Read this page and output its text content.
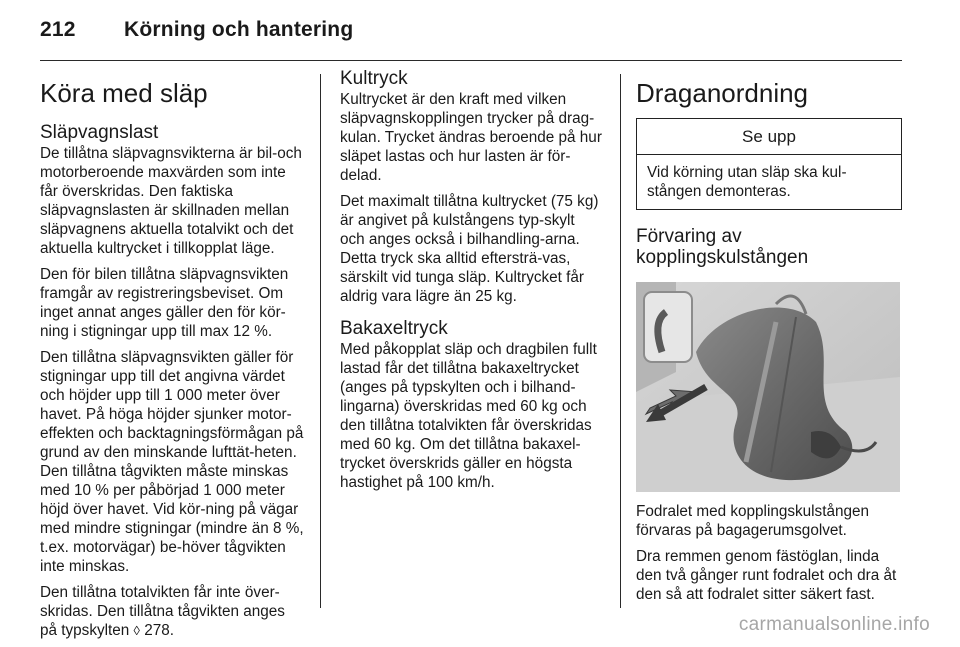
212 Körning och hantering
Köra med släp
Släpvagnslast

De tillåtna släpvagnsvikterna är bil-och motorberoende maxvärden som inte får överskridas. Den faktiska släpvagnslasten är skillnaden mellan släpvagnens aktuella totalvikt och det aktuella kultrycket i tillkopplat läge.

Den för bilen tillåtna släpvagnsvikten framgår av registreringsbeviset. Om inget annat anges gäller den för kör-ning i stigningar upp till max 12 %.

Den tillåtna släpvagnsvikten gäller för stigningar upp till det angivna värdet och höjder upp till 1 000 meter över havet. På höga höjder sjunker motor-effekten och backtagningsförmågan på grund av den minskande lufttät-heten. Den tillåtna tågvikten måste minskas med 10 % per påbörjad 1 000 meter höjd över havet. Vid kör-ning på vägar med mindre stigningar (mindre än 8 %, t.ex. motorvägar) be-höver tågvikten inte minskas.

Den tillåtna totalvikten får inte över-skridas. Den tillåtna tågvikten anges på typskylten ◊ 278.

Kultryck

Kultrycket är den kraft med vilken släpvagnskopplingen trycker på drag-kulan. Trycket ändras beroende på hur släpet lastas och hur lasten är för-delad.

Det maximalt tillåtna kultrycket (75 kg) är angivet på kulstångens typ-skylt och anges också i bilhandling-arna. Detta tryck ska alltid eftersträ-vas, särskilt vid tunga släp. Kultrycket får aldrig vara lägre än 25 kg.

Bakaxeltryck

Med påkopplat släp och dragbilen fullt lastad får det tillåtna bakaxeltrycket (anges på typskylten och i bilhand-lingarna) överskridas med 60 kg och den tillåtna totalvikten får överskridas med 60 kg. Om det tillåtna bakaxel-trycket överskrids gäller en högsta hastighet på 100 km/h.

Draganordning
Se upp
Vid körning utan släp ska kul-stången demonteras.
Förvaring av kopplingskulstången

Fodralet med kopplingskulstången förvaras på bagagerumsgolvet.

Dra remmen genom fästöglan, linda den två gånger runt fodralet och dra åt den så att fodralet sitter säkert fast.

carmanualsonline.info
